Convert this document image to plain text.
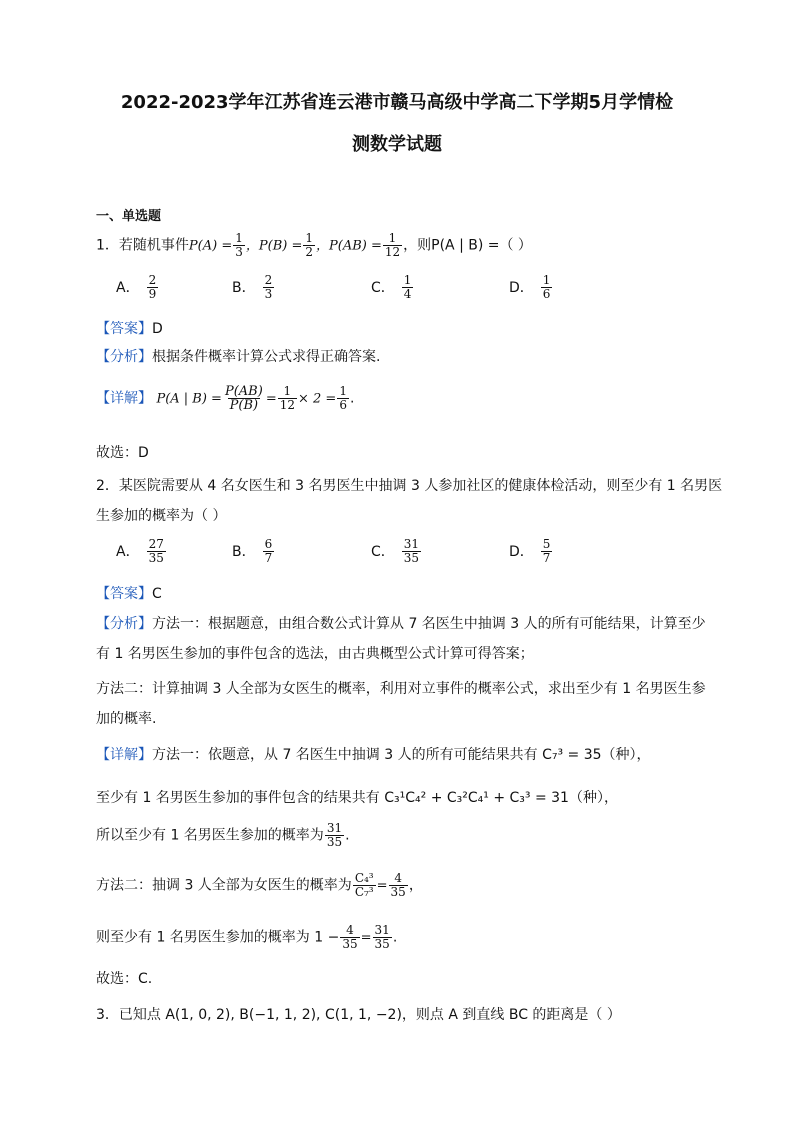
2022-2023学年江苏省连云港市赣马高级中学高二下学期5月学情检
测数学试题
一、单选题
1．若随机事件$P(A) = \frac{1}{3}$ ，$P(B) = \frac{1}{2}$ ，$P(AB) = \frac{1}{12}$ ，则P(A | B) =（ ）
A． $\frac{2}{9}$	B． $\frac{2}{3}$	C． $\frac{1}{4}$	D． $\frac{1}{6}$
【答案】D
【分析】根据条件概率计算公式求得正确答案.
【详解】 P(A | $B) = \frac{P(AB)}{P(B)} = \frac{1}{12} \times 2 = \frac{1}{6}$ .
故选：D
2．某医院需要从 4 名女医生和 3 名男医生中抽调 3 人参加社区的健康体检活动，则至少有 1 名男医
生参加的概率为（ ）
A． $\frac{27}{35}$	B． $\frac{6}{7}$	C． $\frac{31}{35}$	D． $\frac{5}{7}$
【答案】C
【分析】方法一：根据题意，由组合数公式计算从 7 名医生中抽调 3 人的所有可能结果，计算至少
有 1 名男医生参加的事件包含的选法，由古典概型公式计算可得答案；
方法二：计算抽调 3 人全部为女医生的概率，利用对立事件的概率公式，求出至少有 1 名男医生参
加的概率.
【详解】方法一：依题意，从 7 名医生中抽调 3 人的所有可能结果共有 C₇³ = 35（种），
至少有 1 名男医生参加的事件包含的结果共有 C₃¹C₄² + C₃²C₄¹ + C₃³ = 31（种），
所以至少有 1 名男医生参加的概率为 $\frac{31}{35}$ .
方法二：抽调 3 人全部为女医生的概率为 $\frac{\text{C₄³}}{\text{C₇³}} = \frac{4}{35}$ ，
则至少有 1 名男医生参加的概率为 $1 - \frac{4}{35} = \frac{31}{35}$ .
故选：C.
3．已知点 A(1, 0, 2), B(−1, 1, 2), C(1, 1, −2)，则点 A 到直线 BC 的距离是（ ）
